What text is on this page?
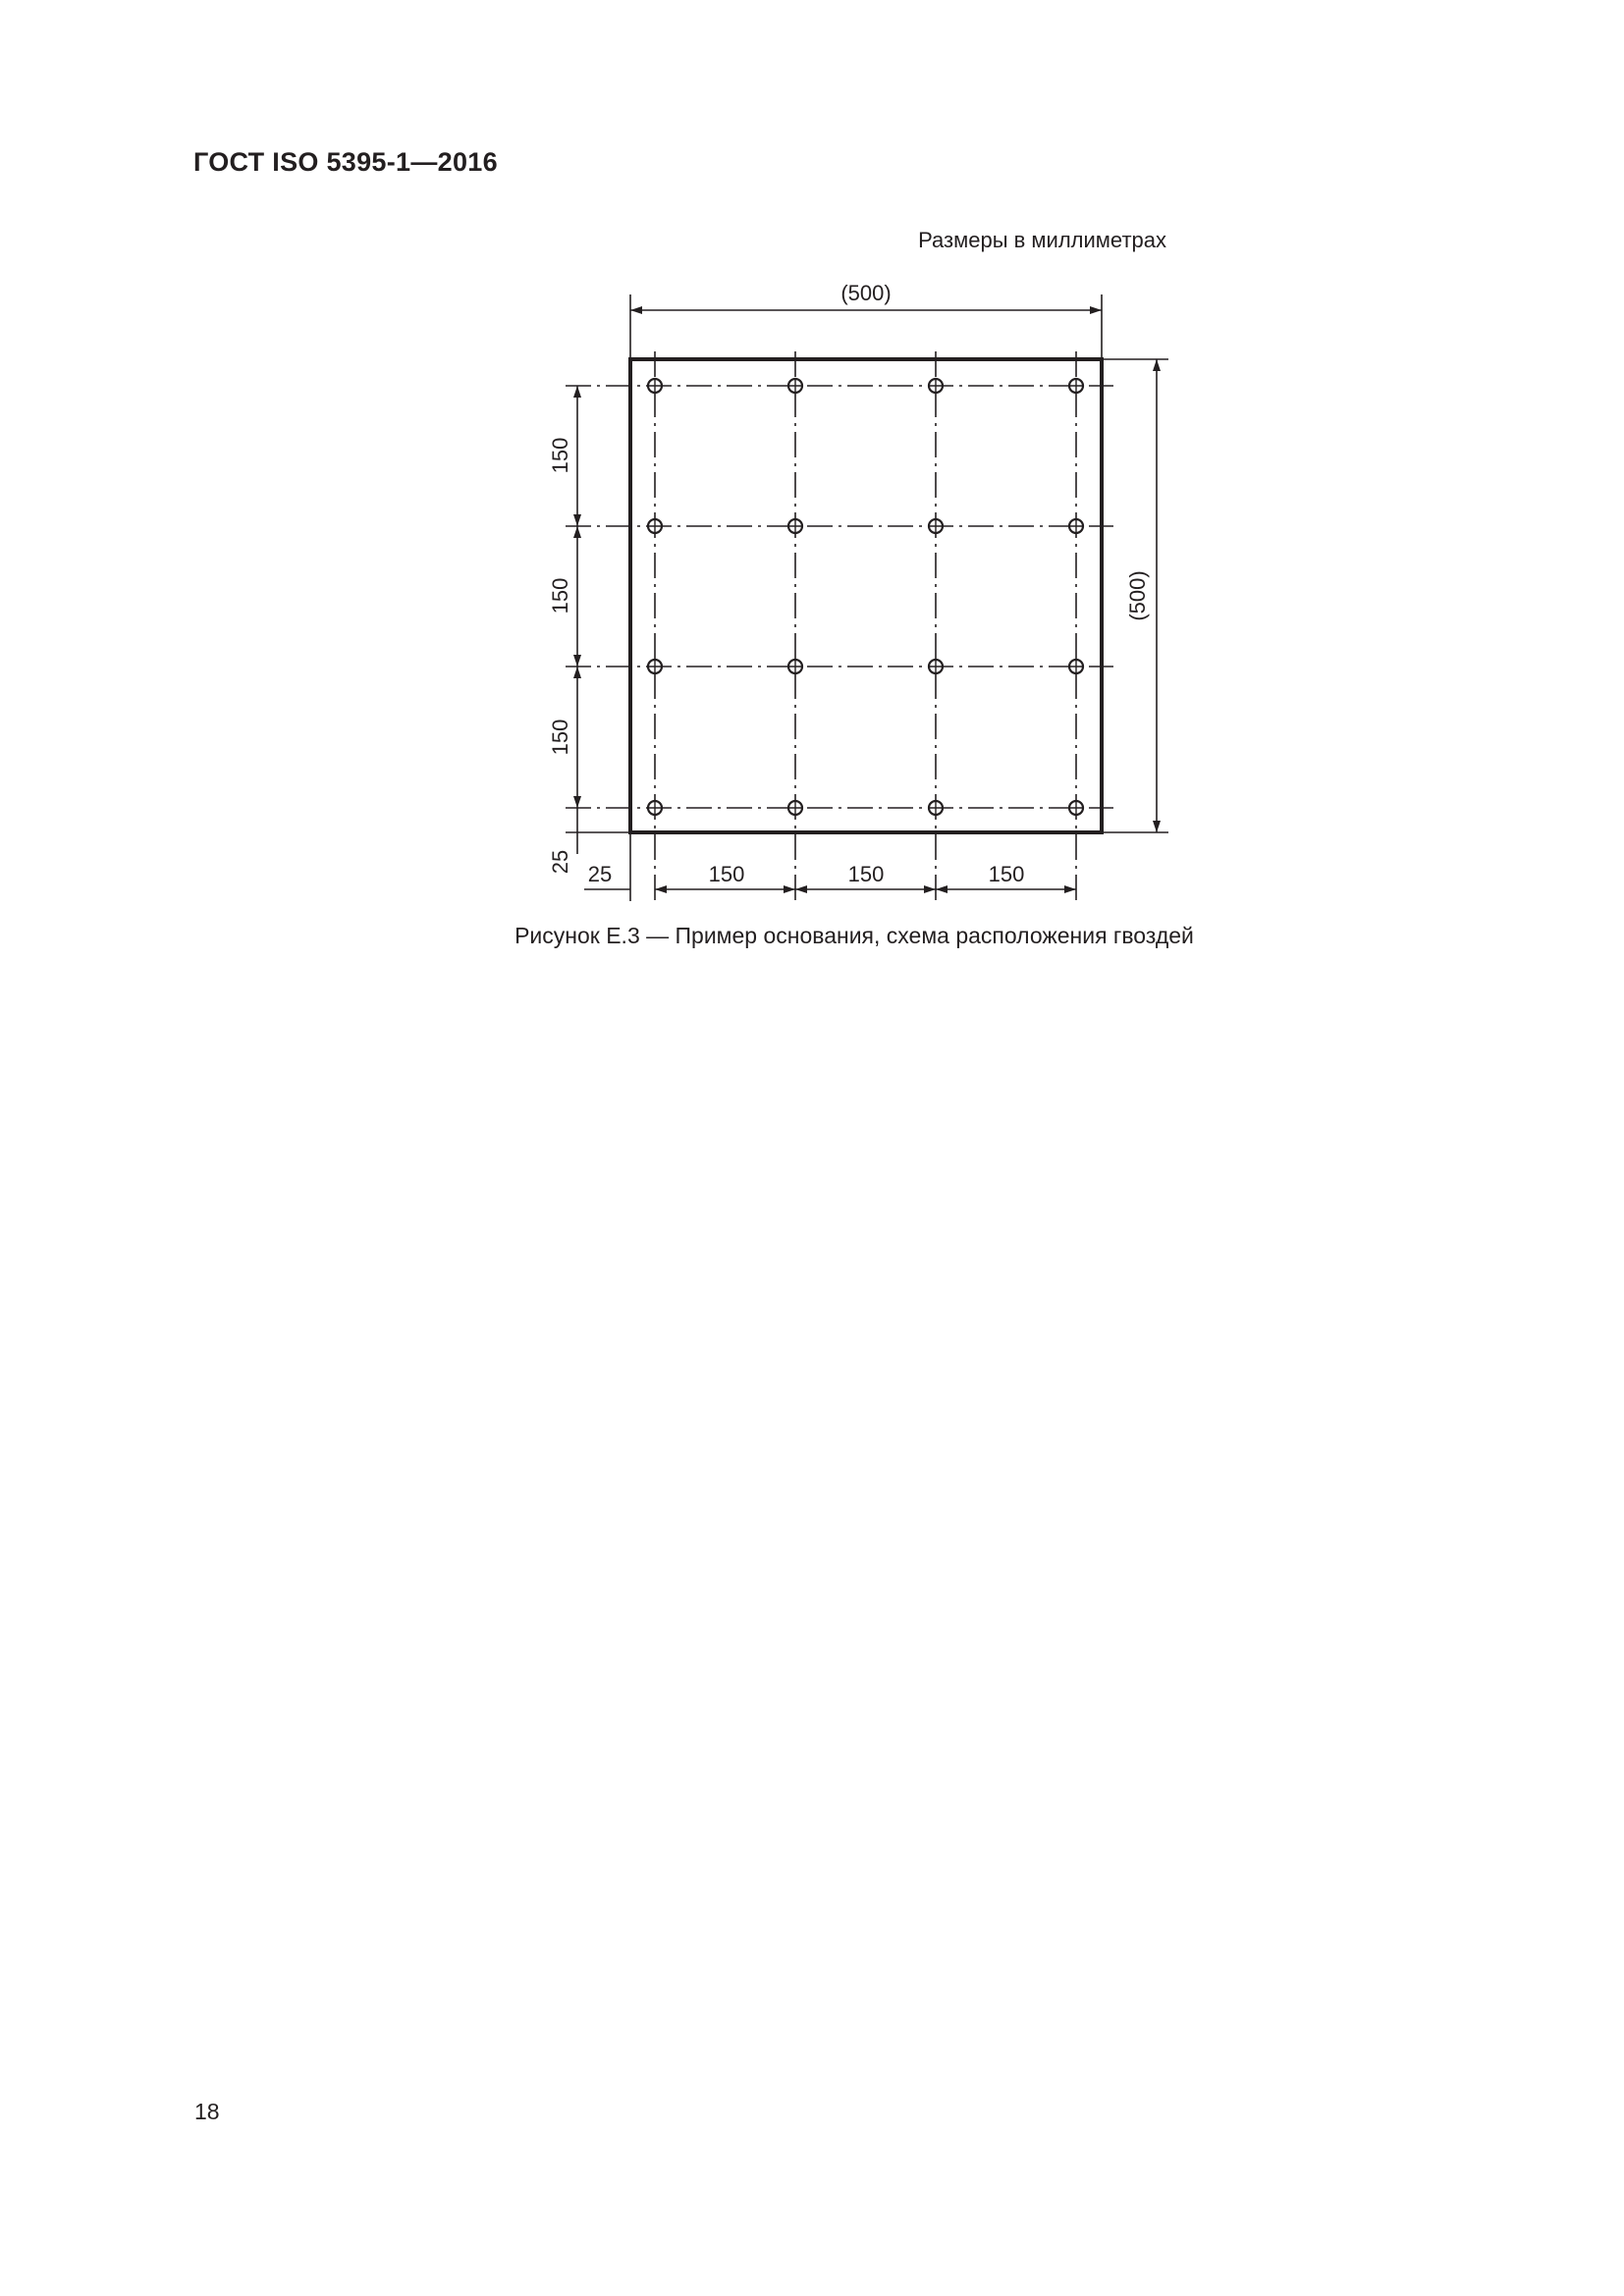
ГОСТ ISO 5395-1—2016
Размеры в миллиметрах
(500)
(500)
150
150
150
25 25	150	150	150
Рисунок Е.3 — Пример основания, схема расположения гвоздей
18
